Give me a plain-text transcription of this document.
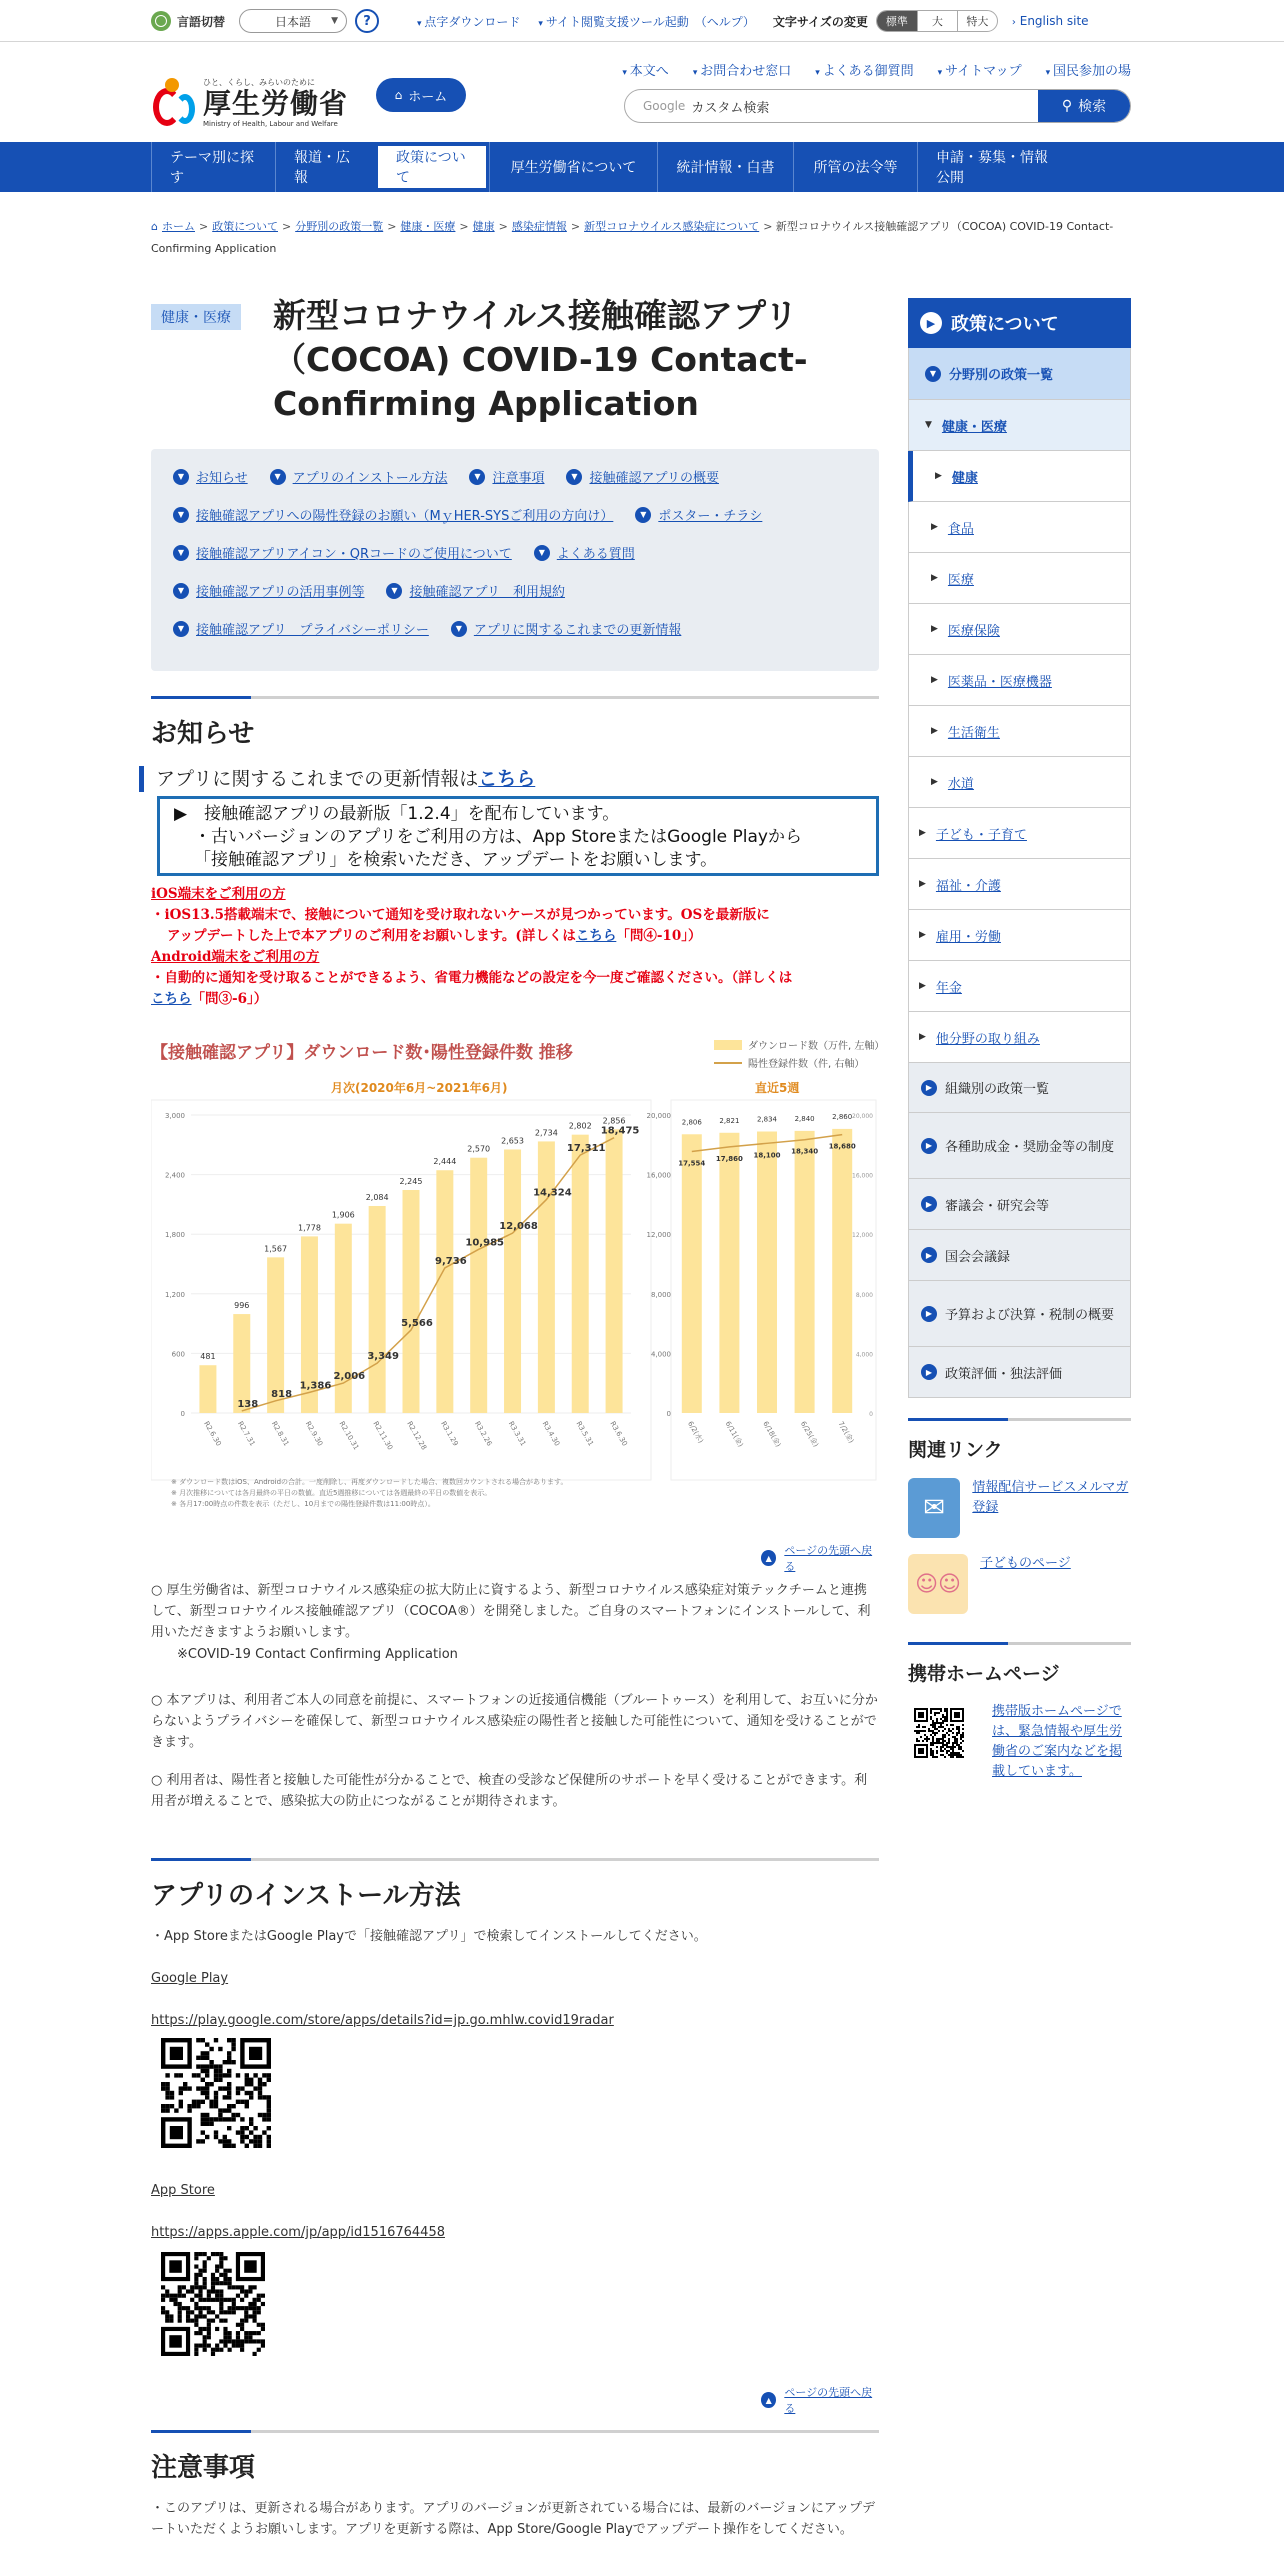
言語切替	日本語 ▼	?	▾ 点字ダウンロード	▾ サイト閲覧支援ツール起動 （ヘルプ） 文字サイズの変更	標準	大	特大	› English site
ひと、くらし、みらいのために
厚生労働省
Ministry of Health, Labour and Welfare
⌂ ホーム
▾ 本文へ	▾ お問合わせ窓口	▾ よくある御質問	▾ サイトマップ	▾ 国民参加の場
Google カスタム検索	⚲ 検索
テーマ別に探す
報道・広報
政策について
厚生労働省について	統計情報・白書	所管の法令等
申請・募集・情報公開
⌂ ホーム > 政策について > 分野別の政策一覧 > 健康・医療 > 健康 > 感染症情報 > 新型コロナウイルス感染症について > 新型コロナウイルス接触確認アプリ（COCOA) COVID-19 Contact-Confirming Application
健康・医療 新型コロナウイルス接触確認アプリ（COCOA) COVID-19 Contact-Confirming Application
▼ お知らせ	▼ アプリのインストール方法	▼ 注意事項	▼ 接触確認アプリの概要
▼ 接触確認アプリへの陽性登録のお願い（MｙHER-SYSご利用の方向け）	▼ ポスター・チラシ
▼ 接触確認アプリアイコン・QRコードのご使用について	▼ よくある質問
▼ 接触確認アプリの活用事例等	▼ 接触確認アプリ　利用規約
▼ 接触確認アプリ　プライバシーポリシー	▼ アプリに関するこれまでの更新情報
お知らせ
アプリに関するこれまでの更新情報はこちら
▶　接触確認アプリの最新版「1.2.4」を配布しています。
・古いバージョンのアプリをご利用の方は、App StoreまたはGoogle Playから
「接触確認アプリ」を検索いただき、アップデートをお願いします。
iOS端末をご利用の方
・iOS13.5搭載端末で、接触について通知を受け取れないケースが見つかっています。OSを最新版に
アップデートした上で本アプリのご利用をお願いします。(詳しくはこちら「問④-10」）
Android端末をご利用の方
・自動的に通知を受け取ることができるよう、省電力機能などの設定を今一度ご確認ください。（詳しくは
こちら「問③-6」）
【接触確認アプリ】ダウンロード数･陽性登録件数 推移	ダウンロード数（万件, 左軸）
陽性登録件数（件, 右軸）
月次(2020年6月~2021年6月)	直近5週
0	0
600	4,000
1,200	8,000
1,800	12,000
2,400	16,000
3,000	20,000
481
R2.6.30
996
R2.7.31
1,567
R2.8.31
1,778
R2.9.30
1,906
R2.10.31
2,084
R2.11.30
2,245
R2.12.28
2,444
R3.1.29
2,570
R3.2.26
2,653
R3.3.31
2,734
R3.4.30
2,802
R3.5.31
2,856
R3.6.30
138
818
1,386
2,006
3,349
5,566
9,736
10,985
12,068
14,324
17,311
18,475
2,806
6/2(水)
2,821
6/11(金)
2,834
6/18(金)
2,840
6/25(金)
2,860
7/2(金)
17,554
17,860 18,100 18,340
18,680
0
4,000
8,000
12,000
16,000
20,000
※ ダウンロード数はiOS、Androidの合計。一度削除し、再度ダウンロードした場合、複数回カウントされる場合があります。
※ 月次推移については各月最終の平日の数値。直近5週推移については各週最終の平日の数値を表示。
※ 各月17:00時点の件数を表示（ただし、10月までの陽性登録件数は11:00時点）。
▲
ページの先頭へ戻る
○ 厚生労働省は、新型コロナウイルス感染症の拡大防止に資するよう、新型コロナウイルス感染症対策テックチームと連携して、新型コロナウイルス接触確認アプリ（COCOA®）を開発しました。ご自身のスマートフォンにインストールして、利用いただきますようお願いします。
※COVID-19 Contact Confirming Application
○ 本アプリは、利用者ご本人の同意を前提に、スマートフォンの近接通信機能（ブルートゥース）を利用して、お互いに分からないようプライバシーを確保して、新型コロナウイルス感染症の陽性者と接触した可能性について、通知を受けることができます。
○ 利用者は、陽性者と接触した可能性が分かることで、検査の受診など保健所のサポートを早く受けることができます。利用者が増えることで、感染拡大の防止につながることが期待されます。
アプリのインストール方法
・App StoreまたはGoogle Playで「接触確認アプリ」で検索してインストールしてください。
Google Play
https://play.google.com/store/apps/details?id=jp.go.mhlw.covid19radar
App Store
https://apps.apple.com/jp/app/id1516764458
▲
ページの先頭へ戻る
注意事項
・このアプリは、更新される場合があります。アプリのバージョンが更新されている場合には、最新のバージョンにアップデートいただくようお願いします。アプリを更新する際は、App Store/Google Playでアップデート操作をしてください。
▶ 政策について
▼ 分野別の政策一覧
▼ 健康・医療
▶ 健康
▶ 食品
▶ 医療
▶ 医療保険
▶ 医薬品・医療機器
▶ 生活衛生
▶ 水道
▶ 子ども・子育て
▶ 福祉・介護
▶ 雇用・労働
▶ 年金
▶ 他分野の取り組み
▶ 組織別の政策一覧
▶ 各種助成金・奨励金等の制度
▶ 審議会・研究会等
▶ 国会会議録
▶ 予算および決算・税制の概要
▶ 政策評価・独法評価
関連リンク
✉
情報配信サービスメルマガ登録
☺☺
子どものページ
携帯ホームページ
携帯版ホームページでは、緊急情報や厚生労働省のご案内などを掲載しています。
